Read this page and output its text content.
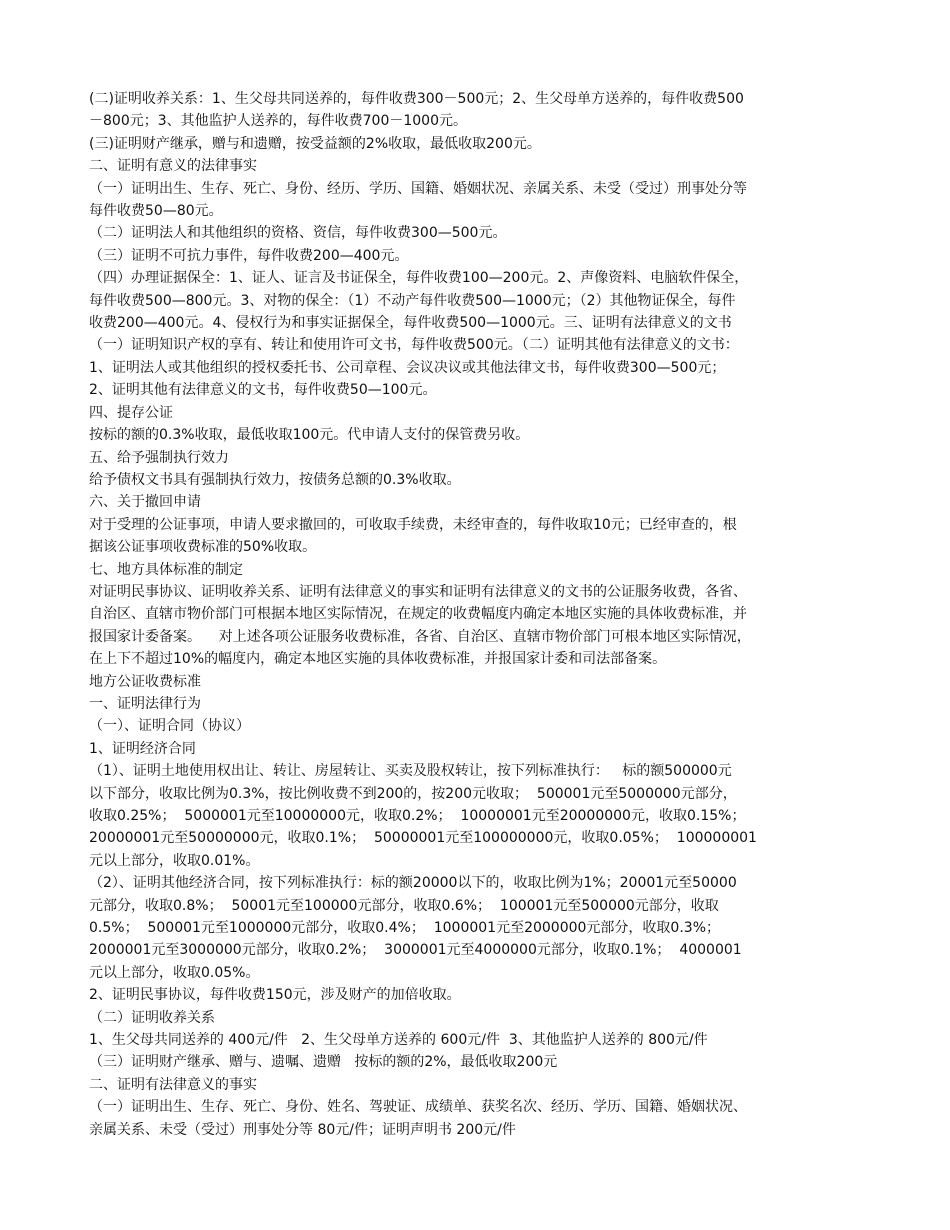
(二)证明收养关系：1、生父母共同送养的，每件收费300－500元；2、生父母单方送养的，每件收费500
－800元；3、其他监护人送养的，每件收费700－1000元。
(三)证明财产继承，赠与和遗赠，按受益额的2%收取，最低收取200元。
二、证明有意义的法律事实
（一）证明出生、生存、死亡、身份、经历、学历、国籍、婚姻状况、亲属关系、未受（受过）刑事处分等
每件收费50—80元。
（二）证明法人和其他组织的资格、资信，每件收费300—500元。
（三）证明不可抗力事件，每件收费200—400元。
（四）办理证据保全：1、证人、证言及书证保全，每件收费100—200元。2、声像资料、电脑软件保全，
每件收费500—800元。3、对物的保全：（1）不动产每件收费500—1000元；（2）其他物证保全，每件
收费200—400元。4、侵权行为和事实证据保全，每件收费500—1000元。三、证明有法律意义的文书
（一）证明知识产权的享有、转让和使用许可文书，每件收费500元。（二）证明其他有法律意义的文书：
1、证明法人或其他组织的授权委托书、公司章程、会议决议或其他法律文书，每件收费300—500元；
2、证明其他有法律意义的文书，每件收费50—100元。
四、提存公证
按标的额的0.3%收取，最低收取100元。代申请人支付的保管费另收。
五、给予强制执行效力
给予债权文书具有强制执行效力，按债务总额的0.3%收取。
六、关于撤回申请
对于受理的公证事项，申请人要求撤回的，可收取手续费，未经审查的，每件收取10元；已经审查的，根
据该公证事项收费标准的50%收取。
七、地方具体标准的制定
对证明民事协议、证明收养关系、证明有法律意义的事实和证明有法律意义的文书的公证服务收费，各省、
自治区、直辖市物价部门可根据本地区实际情况，在规定的收费幅度内确定本地区实施的具体收费标准，并
报国家计委备案。    对上述各项公证服务收费标准，各省、自治区、直辖市物价部门可根本地区实际情况，
在上下不超过10%的幅度内，确定本地区实施的具体收费标准，并报国家计委和司法部备案。
地方公证收费标准
一、证明法律行为
（一）、证明合同（协议）
1、证明经济合同
（1）、证明土地使用权出让、转让、房屋转让、买卖及股权转让，按下列标准执行：   标的额500000元
以下部分，收取比例为0.3%，按比例收费不到200的，按200元收取；  500001元至5000000元部分，
收取0.25%；  5000001元至10000000元，收取0.2%；  10000001元至20000000元，收取0.15%；
20000001元至50000000元，收取0.1%；  50000001元至100000000元，收取0.05%；  100000001
元以上部分，收取0.01%。
（2）、证明其他经济合同，按下列标准执行：标的额20000以下的，收取比例为1%；20001元至50000
元部分，收取0.8%；  50001元至100000元部分，收取0.6%；  100001元至500000元部分，收取
0.5%；  500001元至1000000元部分，收取0.4%；  1000001元至2000000元部分，收取0.3%；
2000001元至3000000元部分，收取0.2%；  3000001元至4000000元部分，收取0.1%；  4000001
元以上部分，收取0.05%。
2、证明民事协议，每件收费150元，涉及财产的加倍收取。
（二）证明收养关系
1、生父母共同送养的 400元/件   2、生父母单方送养的 600元/件  3、其他监护人送养的 800元/件
（三）证明财产继承、赠与、遗嘱、遗赠   按标的额的2%，最低收取200元
二、证明有法律意义的事实
（一）证明出生、生存、死亡、身份、姓名、驾驶证、成绩单、获奖名次、经历、学历、国籍、婚姻状况、
亲属关系、未受（受过）刑事处分等 80元/件；证明声明书 200元/件
